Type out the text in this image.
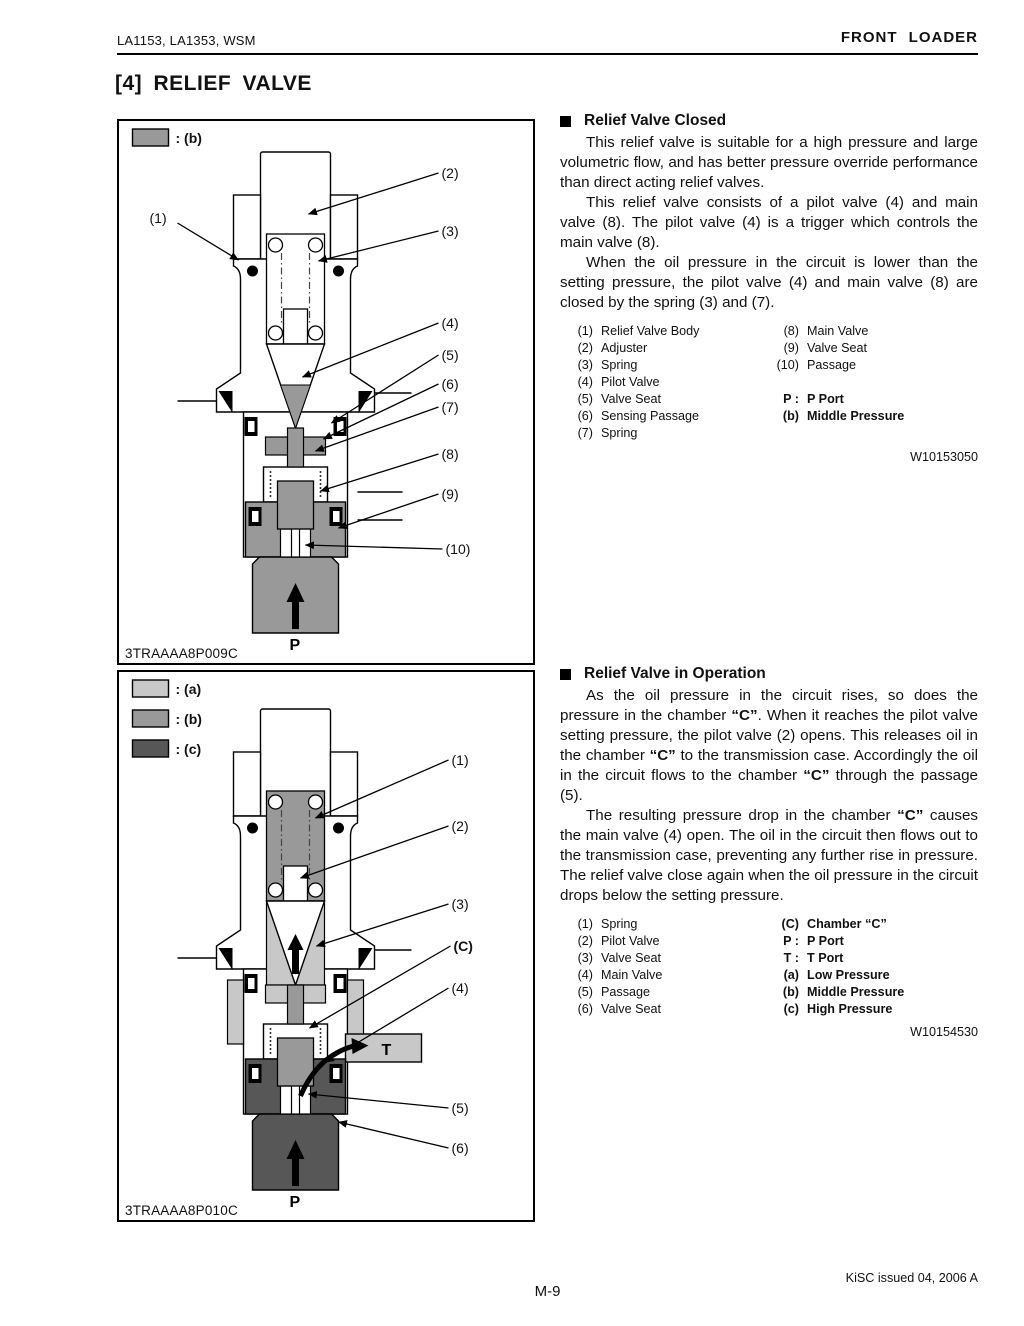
LA1153, LA1353, WSM	FRONT LOADER
[4] RELIEF VALVE
: (b)
P
(1)
(2)
(3)
(4)
(5)
(6)
(7)
(8)
(9)
(10)
3TRAAAA8P009C
: (a)
: (b)
: (c)
T
P
(1)
(2)
(3)
(C)
(4)
(5)
(6)
3TRAAAA8P010C
Relief Valve Closed

This relief valve is suitable for a high pressure and large volumetric flow, and has better pressure override performance than direct acting relief valves.

This relief valve consists of a pilot valve (4) and main valve (8). The pilot valve (4) is a trigger which controls the main valve (8).

When the oil pressure in the circuit is lower than the setting pressure, the pilot valve (4) and main valve (8) are closed by the spring (3) and (7).

(1) Relief Valve Body
(2) Adjuster
(3) Spring
(4) Pilot Valve
(5) Valve Seat
(6) Sensing Passage
(7) Spring
(8) Main Valve
(9) Valve Seat
(10) Passage
P : P Port
(b) Middle Pressure
W10153050
Relief Valve in Operation

As the oil pressure in the circuit rises, so does the pressure in the chamber “C”. When it reaches the pilot valve setting pressure, the pilot valve (2) opens. This releases oil in the chamber “C” to the transmission case. Accordingly the oil in the circuit flows to the chamber “C” through the passage (5).

The resulting pressure drop in the chamber “C” causes the main valve (4) open. The oil in the circuit then flows out to the transmission case, preventing any further rise in pressure. The relief valve close again when the oil pressure in the circuit drops below the setting pressure.

(1) Spring
(2) Pilot Valve
(3) Valve Seat
(4) Main Valve
(5) Passage
(6) Valve Seat
(C) Chamber “C”
P : P Port
T : T Port
(a) Low Pressure
(b) Middle Pressure
(c) High Pressure
W10154530
KiSC issued 04, 2006 A
M-9
